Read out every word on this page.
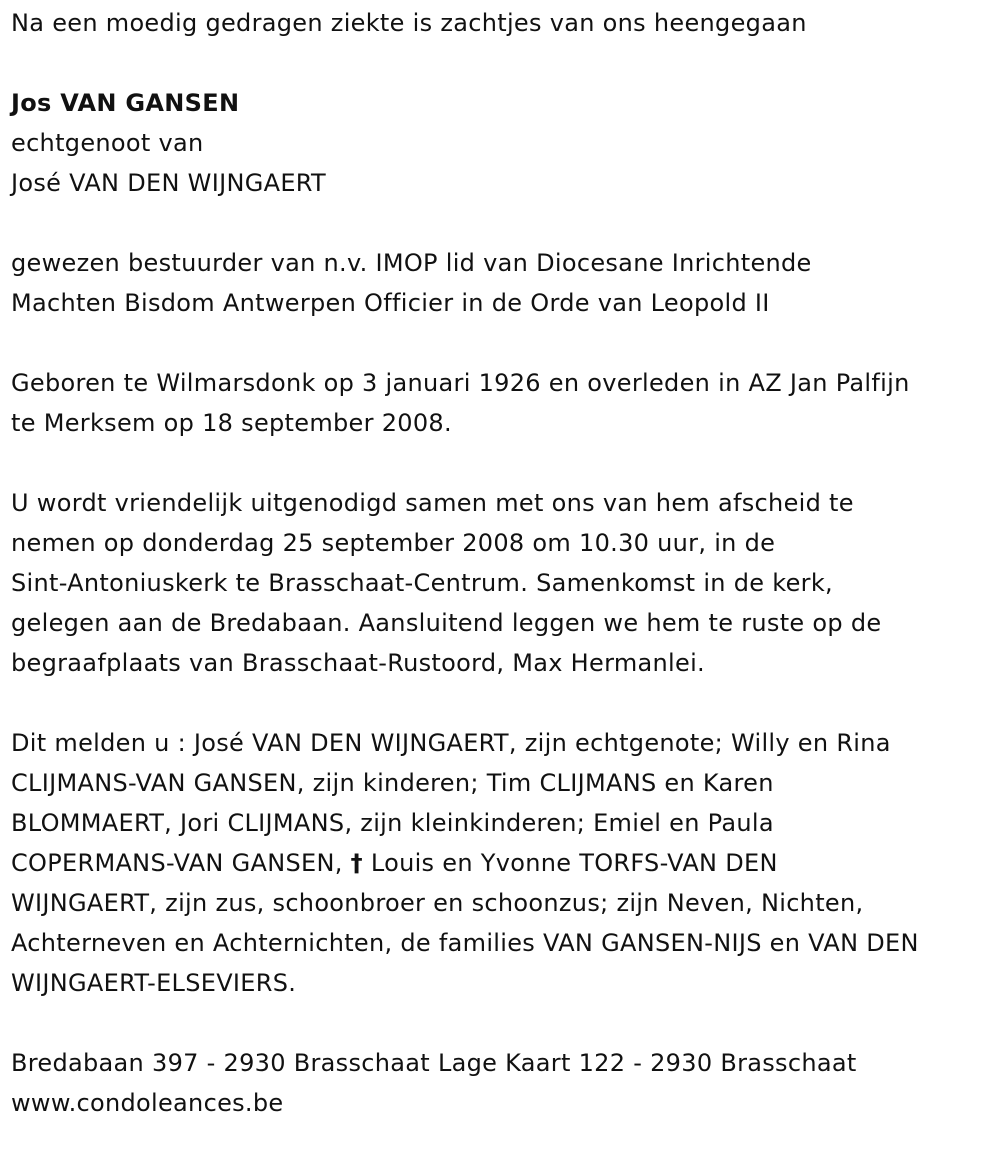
Na een moedig gedragen ziekte is zachtjes van ons heengegaan
Jos VAN GANSEN
echtgenoot van
José VAN DEN WIJNGAERT
gewezen bestuurder van n.v. IMOP lid van Diocesane Inrichtende
Machten Bisdom Antwerpen Officier in de Orde van Leopold II
Geboren te Wilmarsdonk op 3 januari 1926 en overleden in AZ Jan Palfijn
te Merksem op 18 september 2008.
U wordt vriendelijk uitgenodigd samen met ons van hem afscheid te
nemen op donderdag 25 september 2008 om 10.30 uur, in de
Sint-Antoniuskerk te Brasschaat-Centrum. Samenkomst in de kerk,
gelegen aan de Bredabaan. Aansluitend leggen we hem te ruste op de
begraafplaats van Brasschaat-Rustoord, Max Hermanlei.
Dit melden u : José VAN DEN WIJNGAERT, zijn echtgenote; Willy en Rina
CLIJMANS-VAN GANSEN, zijn kinderen; Tim CLIJMANS en Karen
BLOMMAERT, Jori CLIJMANS, zijn kleinkinderen; Emiel en Paula
COPERMANS-VAN GANSEN, † Louis en Yvonne TORFS-VAN DEN
WIJNGAERT, zijn zus, schoonbroer en schoonzus; zijn Neven, Nichten,
Achterneven en Achternichten, de families VAN GANSEN-NIJS en VAN DEN
WIJNGAERT-ELSEVIERS.
Bredabaan 397 - 2930 Brasschaat Lage Kaart 122 - 2930 Brasschaat
www.condoleances.be
